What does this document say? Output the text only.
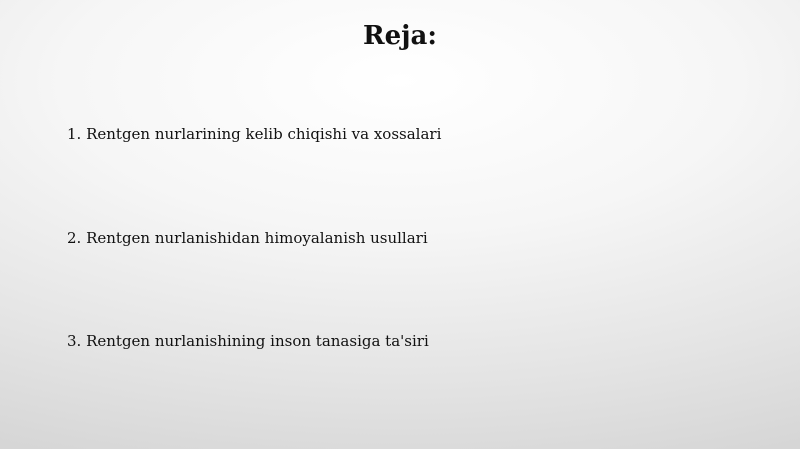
Reja:
1. Rentgen nurlarining kelib chiqishi va xossalari
2. Rentgen nurlanishidan himoyalanish usullari
3. Rentgen nurlanishining inson tanasiga ta'siri
